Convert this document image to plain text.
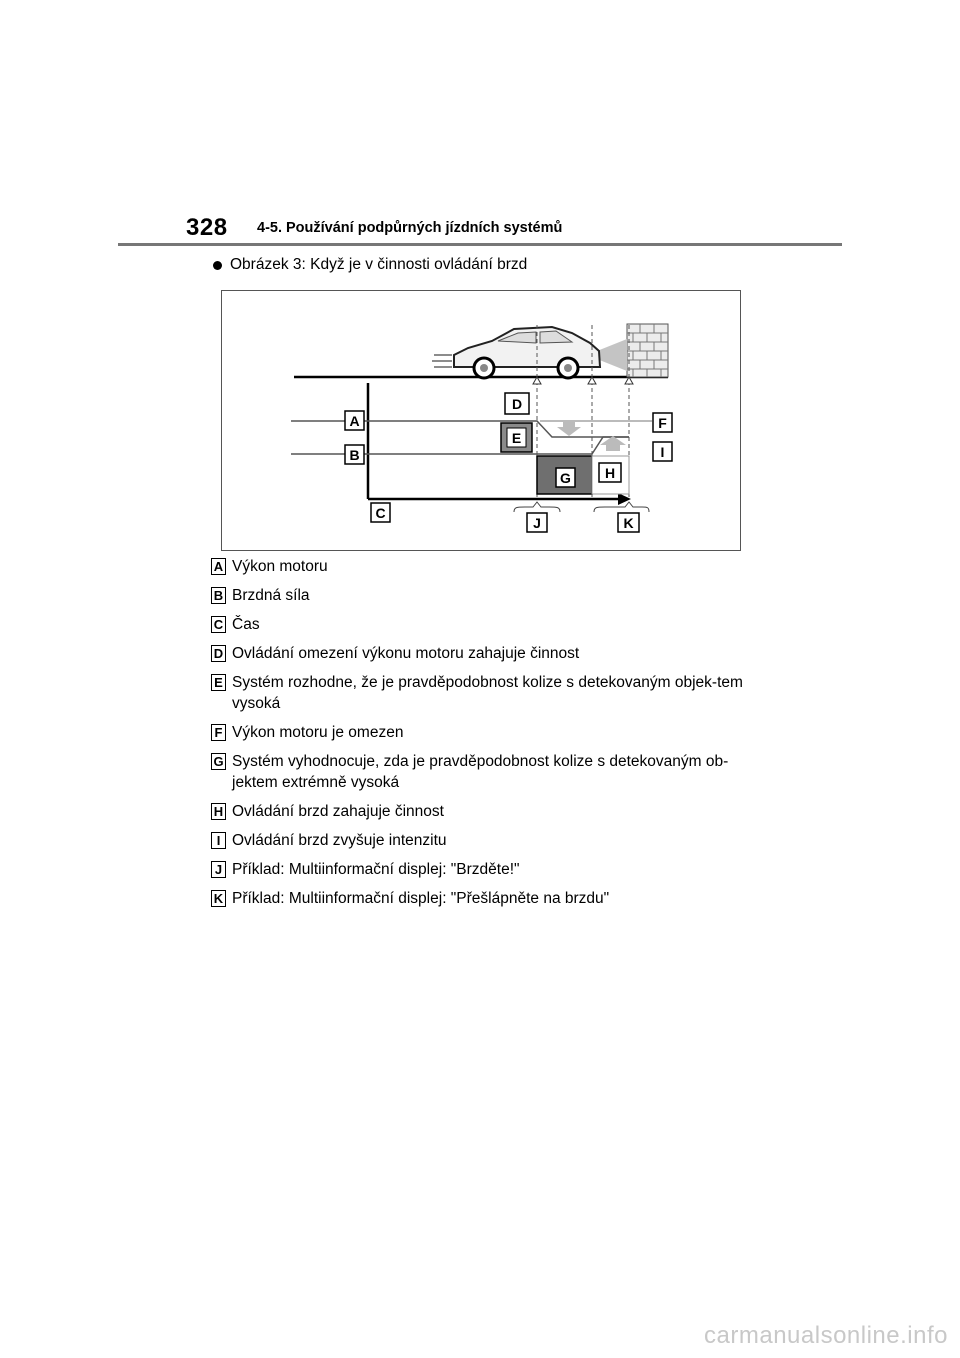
328 4-5. Používání podpůrných jízdních systémů
Obrázek 3: Když je v činnosti ovládání brzd
A
B
C
D
E
F
G H
I
J	K
A Výkon motoru
B Brzdná síla
C Čas
D Ovládání omezení výkonu motoru zahajuje činnost
E Systém rozhodne, že je pravděpodobnost kolize s detekovaným objek-tem vysoká
F Výkon motoru je omezen
G Systém vyhodnocuje, zda je pravděpodobnost kolize s detekovaným ob-jektem extrémně vysoká
H Ovládání brzd zahajuje činnost
I Ovládání brzd zvyšuje intenzitu
J Příklad: Multiinformační displej: "Brzděte!"
K Příklad: Multiinformační displej: "Přešlápněte na brzdu"
carmanualsonline.info
